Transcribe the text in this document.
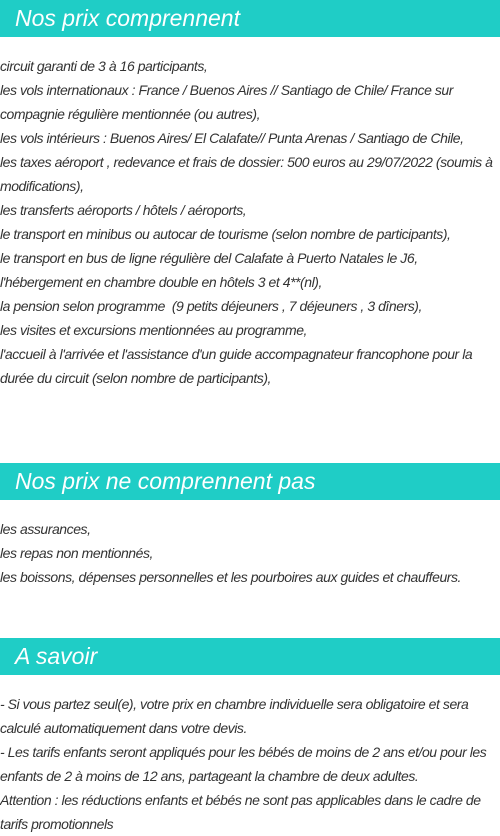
Nos prix comprennent
circuit garanti de 3 à 16 participants,
les vols internationaux : France / Buenos Aires // Santiago de Chile/ France sur compagnie régulière mentionnée (ou autres),
les vols intérieurs : Buenos Aires/ El Calafate// Punta Arenas / Santiago de Chile,
les taxes aéroport , redevance et frais de dossier: 500 euros au 29/07/2022 (soumis à modifications),
les transferts aéroports / hôtels / aéroports,
le transport en minibus ou autocar de tourisme (selon nombre de participants),
le transport en bus de ligne régulière del Calafate à Puerto Natales le J6,
l'hébergement en chambre double en hôtels 3 et 4**(nl),
la pension selon programme  (9 petits déjeuners , 7 déjeuners , 3 dîners),
les visites et excursions mentionnées au programme,
l'accueil à l'arrivée et l'assistance d'un guide accompagnateur francophone pour la durée du circuit (selon nombre de participants),
Nos prix ne comprennent pas
les assurances,
les repas non mentionnés,
les boissons, dépenses personnelles et les pourboires aux guides et chauffeurs.
A savoir
- Si vous partez seul(e), votre prix en chambre individuelle sera obligatoire et sera calculé automatiquement dans votre devis.
- Les tarifs enfants seront appliqués pour les bébés de moins de 2 ans et/ou pour les enfants de 2 à moins de 12 ans, partageant la chambre de deux adultes.
Attention : les réductions enfants et bébés ne sont pas applicables dans le cadre de tarifs promotionnels
